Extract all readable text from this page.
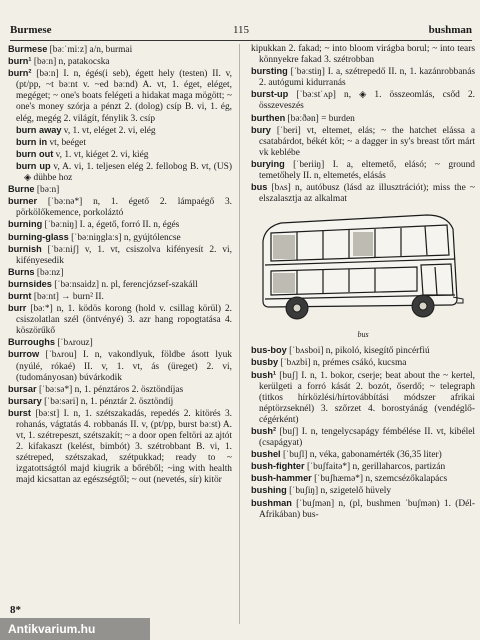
Burmese	115	bushman
Burmese [bəːˈmiːz] a/n, burmai
burn¹ [bəːn] n, patakocska
burn² [bəːn] I. n, égés(i seb), égett hely (testen) II. v, (pt/pp, ~t bəːnt v. ~ed bəːnd) A. vt, 1. éget, eléget, megéget; ~ one's boats felégeti a hidakat maga mögött; ~ one's money szórja a pénzt 2. (dolog) csíp B. vi, 1. ég, elég, megég 2. világít, fénylik 3. csíp
burn away v, 1. vt, eléget 2. vi, elég
burn in vt, beéget
burn out v, 1. vt, kiéget 2. vi, kiég
burn up v, A. vi, 1. teljesen elég 2. fellobog B. vt, (US) ◈ dühbe hoz
Burne [bəːn]
burner [ˈbəːnə*] n, 1. égető 2. lámpaégő 3. pörkölőkemence, porkoláztó
burning [ˈbəːniŋ] I. a, égető, forró II. n, égés
burning-glass [ˈbəːniŋglaːs] n, gyújtólencse
burnish [ˈbəːniʃ] v, 1. vt, csiszolva kifényesít 2. vi, kifényesedik
Burns [bəːnz]
burnsides [ˈbəːnsaidz] n. pl, ferencjózsef-szakáll
burnt [bəːnt] → burn² II.
burr [bəː*] n, 1. ködös korong (hold v. csillag körül) 2. csiszolatlan szél (öntvényé) 3. azr hang ropogtatása 4. köszörűkő
Burroughs [ˈbʌrouz]
burrow [ˈbʌrou] I. n, vakondlyuk, földbe ásott lyuk (nyúlé, rókaé) II. v, 1. vt, ás (üreget) 2. vi, (tudományosan) búvárkodik
bursar [ˈbəːsə*] n, 1. pénztáros 2. ösztöndíjas
bursary [ˈbəːsəri] n, 1. pénztár 2. ösztöndíj
burst [bəːst] I. n, 1. szétszakadás, repedés 2. kitörés 3. rohanás, vágtatás 4. robbanás II. v, (pt/pp, burst bəːst) A. vt, 1. szétrepeszt, szétszakít; ~ a door open feltöri az ajtót 2. kifakaszt (kelést, bimbót) 3. szétrobbant B. vi, 1. szétreped, szétszakad, szétpukkad; ready to ~ izgatottságtól majd kiugrik a bőréből; ~ing with health majd kicsattan az egészségtől; ~ out (nevetés, sír) kitör
kipukkan 2. fakad; ~ into bloom virágba borul; ~ into tears könnyekre fakad 3. szétrobban
bursting [ˈbəːstiŋ] I. a, szétrepedő II. n, 1. kazánrobbanás 2. autógumi kidurranás
burst-up [ˈbəːstˈʌp] n, ◈ 1. összeomlás, csőd 2. összeveszés
burthen [bəːðən] = burden
bury [ˈberi] vt, eltemet, elás; ~ the hatchet elássa a csatabárdot, békét köt; ~ a dagger in sy's breast tőrt márt vk keblébe
burying [ˈberiiŋ] I. a, eltemető, elásó; ~ ground temetőhely II. n, eltemetés, elásás
bus [bʌs] n, autóbusz (lásd az illusztrációt); miss the ~ elszalasztja az alkalmat
bus
bus-boy [ˈbʌsboi] n, pikoló, kisegítő pincérfiú
busby [ˈbʌzbi] n, prémes csákó, kucsma
bush¹ [buʃ] I. n, 1. bokor, cserje; beat about the ~ kertel, kerülgeti a forró kását 2. bozót, őserdő; ~ telegraph (titkos hírközlési/hírtovábbítási módszer afrikai néptörzseknél) 3. szőrzet 4. borostyánág (vendéglő-cégérként)
bush² [buʃ] I. n, tengelycsapágy fémbélése II. vt, kibélel (csapágyat)
bushel [ˈbuʃl] n, véka, gabonamérték (36,35 liter)
bush-fighter [ˈbuʃfaitə*] n, gerillaharcos, partizán
bush-hammer [ˈbuʃhæmə*] n, szemcsézőkalapács
bushing [ˈbuʃiŋ] n, szigetelő hüvely
bushman [ˈbuʃmən] n, (pl, bushmen ˈbuʃmən) 1. (Dél-Afrikában) bus-
8*
Antikvarium.hu
